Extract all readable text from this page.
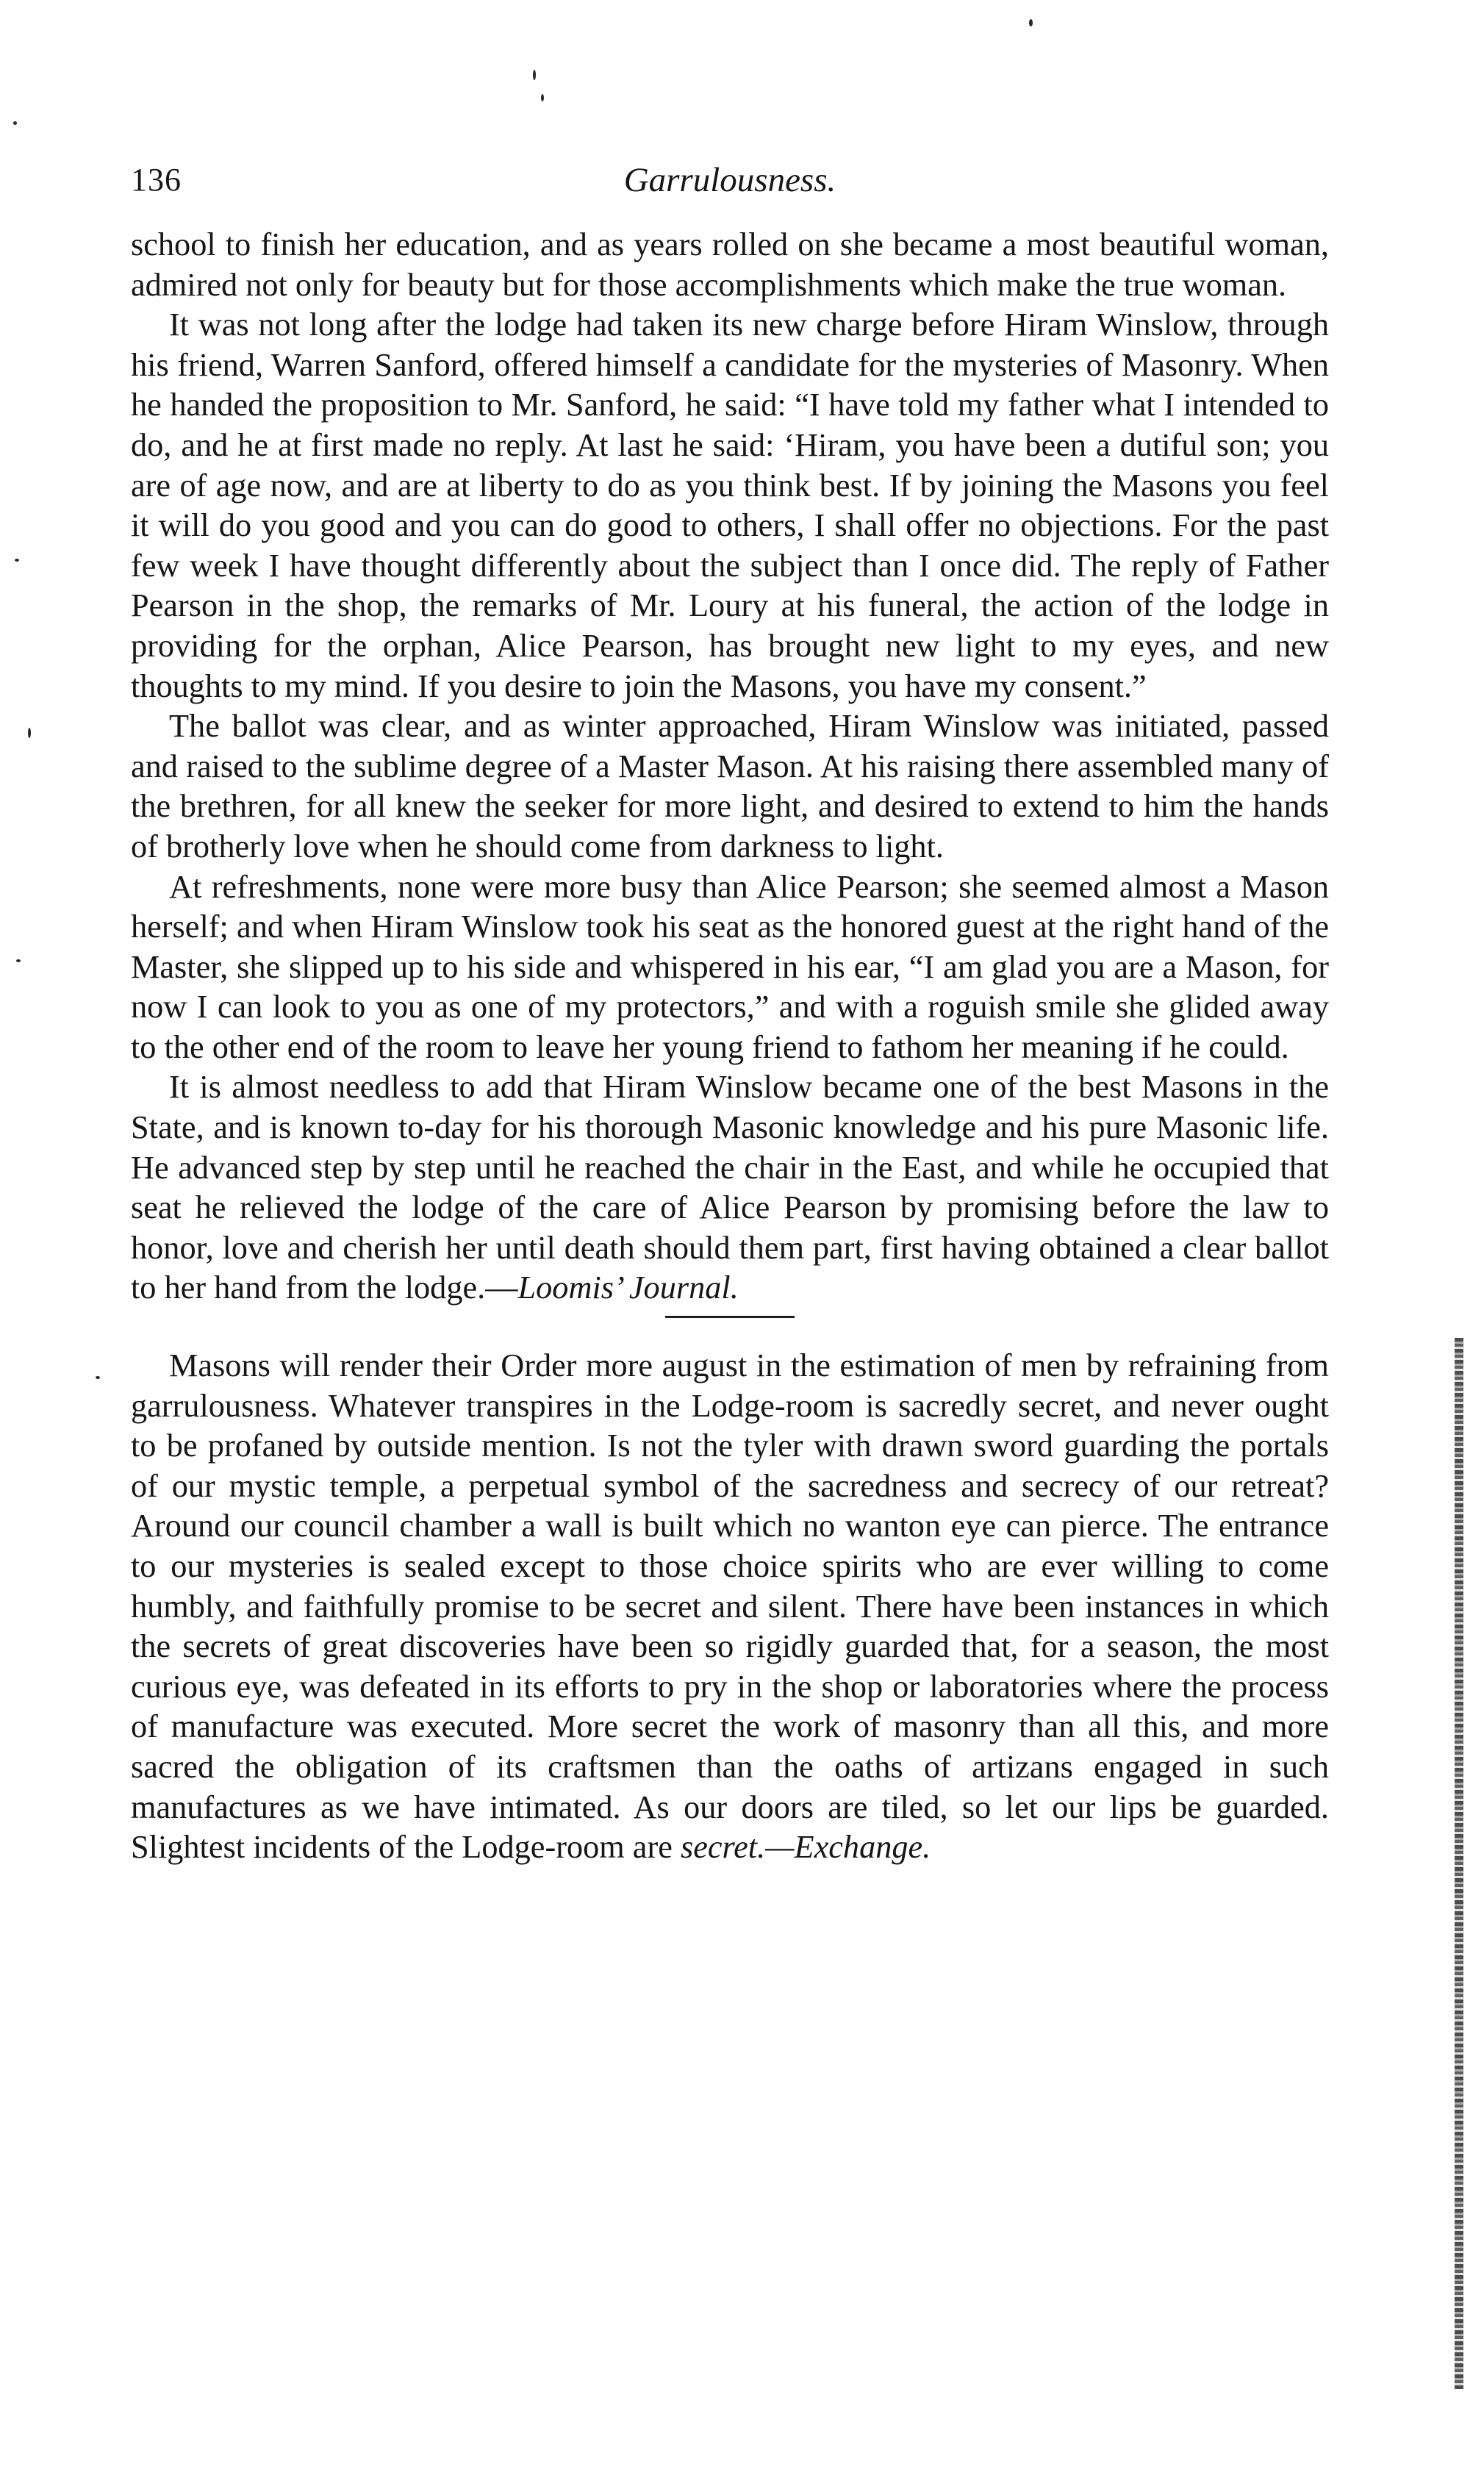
136	Garrulousness.

school to finish her education, and as years rolled on she became a most beautiful woman, admired not only for beauty but for those accomplishments which make the true woman.

It was not long after the lodge had taken its new charge before Hiram Winslow, through his friend, Warren Sanford, offered himself a candidate for the mysteries of Masonry. When he handed the proposition to Mr. Sanford, he said: “I have told my father what I intended to do, and he at first made no reply. At last he said: ‘Hiram, you have been a dutiful son; you are of age now, and are at liberty to do as you think best. If by joining the Masons you feel it will do you good and you can do good to others, I shall offer no objections. For the past few week I have thought differently about the subject than I once did. The reply of Father Pearson in the shop, the remarks of Mr. Loury at his funeral, the action of the lodge in providing for the orphan, Alice Pearson, has brought new light to my eyes, and new thoughts to my mind. If you desire to join the Masons, you have my consent.”

The ballot was clear, and as winter approached, Hiram Winslow was initiated, passed and raised to the sublime degree of a Master Mason. At his raising there assembled many of the brethren, for all knew the seeker for more light, and desired to extend to him the hands of brotherly love when he should come from darkness to light.

At refreshments, none were more busy than Alice Pearson; she seemed almost a Mason herself; and when Hiram Winslow took his seat as the honored guest at the right hand of the Master, she slipped up to his side and whispered in his ear, “I am glad you are a Mason, for now I can look to you as one of my protectors,” and with a roguish smile she glided away to the other end of the room to leave her young friend to fathom her meaning if he could.

It is almost needless to add that Hiram Winslow became one of the best Masons in the State, and is known to-day for his thorough Masonic knowledge and his pure Masonic life. He advanced step by step until he reached the chair in the East, and while he occupied that seat he relieved the lodge of the care of Alice Pearson by promising before the law to honor, love and cherish her until death should them part, first having obtained a clear ballot to her hand from the lodge.—Loomis’ Journal.

Masons will render their Order more august in the estimation of men by refraining from garrulousness. Whatever transpires in the Lodge-room is sacredly secret, and never ought to be profaned by outside mention. Is not the tyler with drawn sword guarding the portals of our mystic temple, a perpetual symbol of the sacredness and secrecy of our retreat? Around our council chamber a wall is built which no wanton eye can pierce. The entrance to our mysteries is sealed except to those choice spirits who are ever willing to come humbly, and faithfully promise to be secret and silent. There have been instances in which the secrets of great discoveries have been so rigidly guarded that, for a season, the most curious eye, was defeated in its efforts to pry in the shop or laboratories where the process of manufacture was executed. More secret the work of masonry than all this, and more sacred the obligation of its craftsmen than the oaths of artizans engaged in such manufactures as we have intimated. As our doors are tiled, so let our lips be guarded. Slightest incidents of the Lodge-room are secret.—Exchange.
